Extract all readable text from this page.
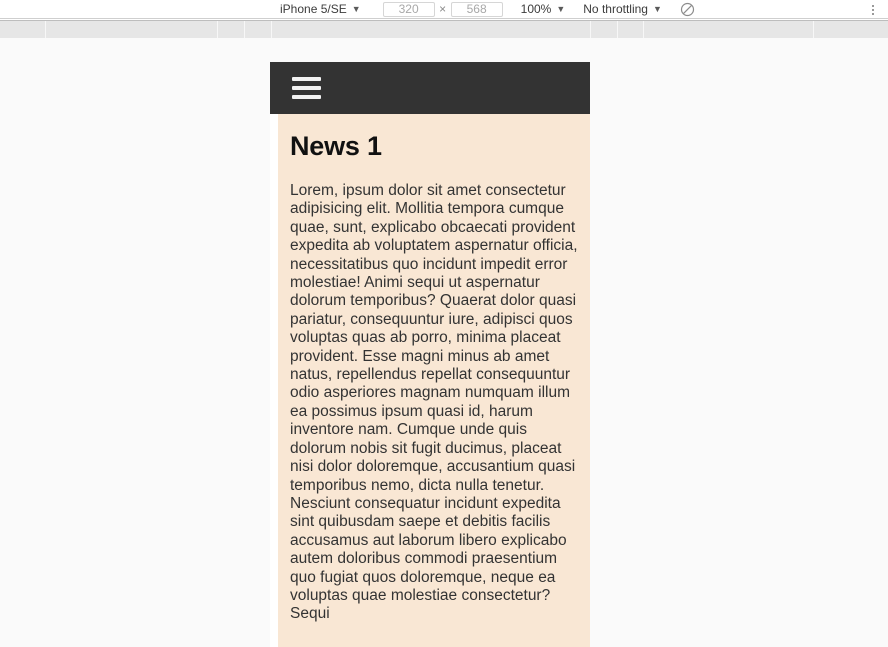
iPhone 5/SE ▼
320	×
568	100% ▼ No throttling ▼
News 1

Lorem, ipsum dolor sit amet consectetur adipisicing elit. Mollitia tempora cumque quae, sunt, explicabo obcaecati provident expedita ab voluptatem aspernatur officia, necessitatibus quo incidunt impedit error molestiae! Animi sequi ut aspernatur dolorum temporibus? Quaerat dolor quasi pariatur, consequuntur iure, adipisci quos voluptas quas ab porro, minima placeat provident. Esse magni minus ab amet natus, repellendus repellat consequuntur odio asperiores magnam numquam illum ea possimus ipsum quasi id, harum inventore nam. Cumque unde quis dolorum nobis sit fugit ducimus, placeat nisi dolor doloremque, accusantium quasi temporibus nemo, dicta nulla tenetur. Nesciunt consequatur incidunt expedita sint quibusdam saepe et debitis facilis accusamus aut laborum libero explicabo autem doloribus commodi praesentium quo fugiat quos doloremque, neque ea voluptas quae molestiae consectetur? Sequi
